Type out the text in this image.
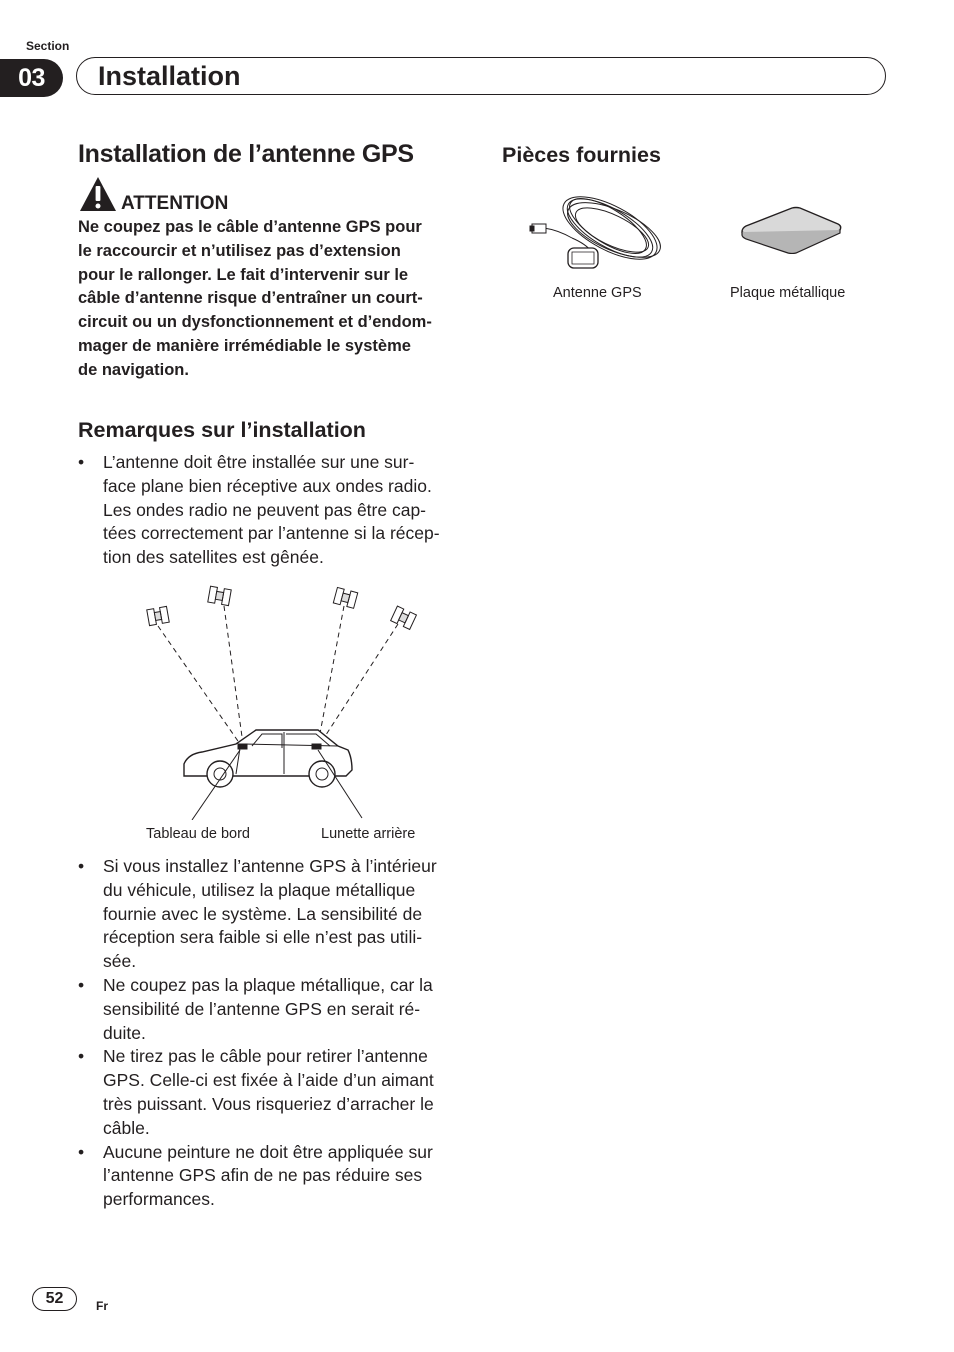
Section
03	Installation
Installation de l’antenne GPS
ATTENTION
Ne coupez pas le câble d’antenne GPS pour
le raccourcir et n’utilisez pas d’extension
pour le rallonger. Le fait d’intervenir sur le
câble d’antenne risque d’entraîner un court-
circuit ou un dysfonctionnement et d’endom-
mager de manière irrémédiable le système
de navigation.
Remarques sur l’installation
• L’antenne doit être installée sur une sur-
face plane bien réceptive aux ondes radio.
Les ondes radio ne peuvent pas être cap-
tées correctement par l’antenne si la récep-
tion des satellites est gênée.
Tableau de bord	Lunette arrière
• Si vous installez l’antenne GPS à l’intérieur
du véhicule, utilisez la plaque métallique
fournie avec le système. La sensibilité de
réception sera faible si elle n’est pas utili-
sée.
• Ne coupez pas la plaque métallique, car la
sensibilité de l’antenne GPS en serait ré-
duite.
• Ne tirez pas le câble pour retirer l’antenne
GPS. Celle-ci est fixée à l’aide d’un aimant
très puissant. Vous risqueriez d’arracher le
câble.
• Aucune peinture ne doit être appliquée sur
l’antenne GPS afin de ne pas réduire ses
performances.
Pièces fournies
Antenne GPS	Plaque métallique
52	Fr
